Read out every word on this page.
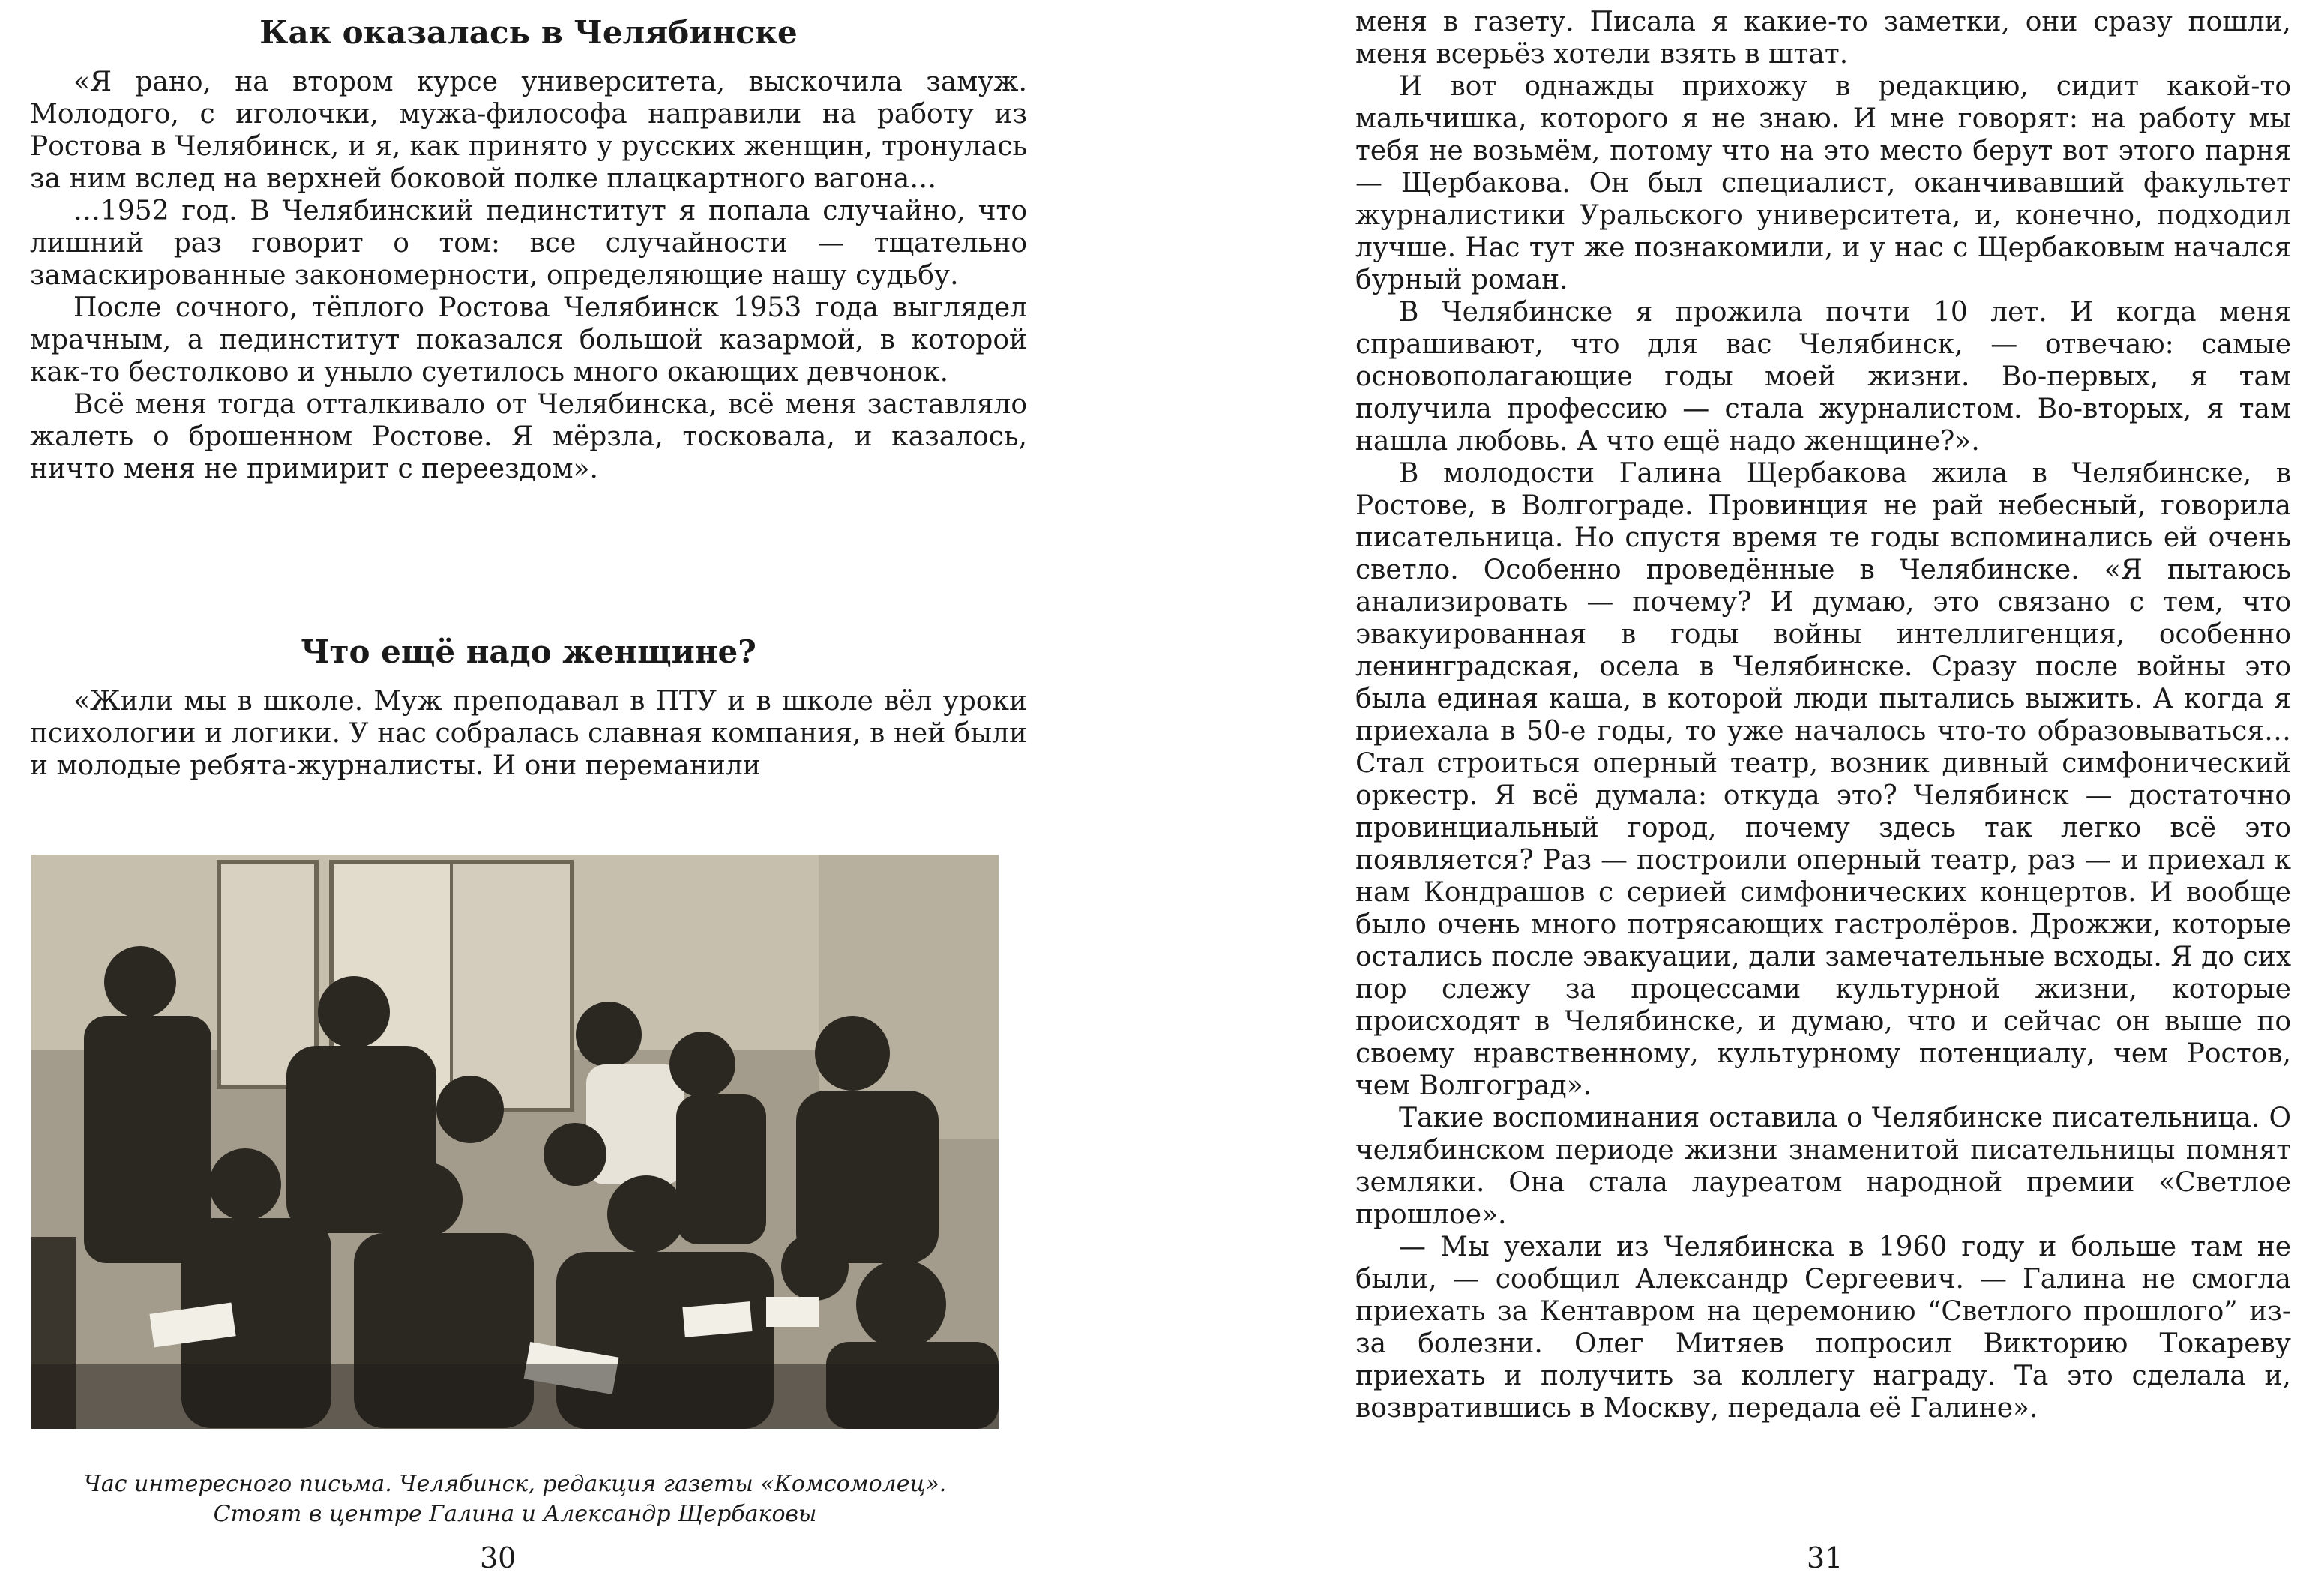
Как оказалась в Челябинске

«Я рано, на втором курсе университета, выскочила замуж. Молодого, с иголочки, мужа-философа направили на работу из Ростова в Челябинск, и я, как принято у русских женщин, тронулась за ним вслед на верхней боковой полке плацкартного вагона…

…1952 год. В Челябинский пединститут я попала случайно, что лишний раз говорит о том: все случайности — тщательно замаскированные закономерности, определяющие нашу судьбу.

После сочного, тёплого Ростова Челябинск 1953 года выглядел мрачным, а пединститут показался большой казармой, в которой как-то бестолково и уныло суетилось много окающих девчонок.

Всё меня тогда отталкивало от Челябинска, всё меня заставляло жалеть о брошенном Ростове. Я мёрзла, тосковала, и казалось, ничто меня не примирит с переездом».

Что ещё надо женщине?

«Жили мы в школе. Муж преподавал в ПТУ и в школе вёл уроки психологии и логики. У нас собралась славная компания, в ней были и молодые ребята-журналисты. И они переманили

Час интересного письма. Челябинск, редакция газеты «Комсомолец».
Стоят в центре Галина и Александр Щербаковы

30

меня в газету. Писала я какие-то заметки, они сразу пошли, меня всерьёз хотели взять в штат.

И вот однажды прихожу в редакцию, сидит какой-то мальчишка, которого я не знаю. И мне говорят: на работу мы тебя не возьмём, потому что на это место берут вот этого парня — Щербакова. Он был специалист, оканчивавший факультет журналистики Уральского университета, и, конечно, подходил лучше. Нас тут же познакомили, и у нас с Щербаковым начался бурный роман.

В Челябинске я прожила почти 10 лет. И когда меня спрашивают, что для вас Челябинск, — отвечаю: самые основополагающие годы моей жизни. Во-первых, я там получила профессию — стала журналистом. Во-вторых, я там нашла любовь. А что ещё надо женщине?».

В молодости Галина Щербакова жила в Челябинске, в Ростове, в Волгограде. Провинция не рай небесный, говорила писательница. Но спустя время те годы вспоминались ей очень светло. Особенно проведённые в Челябинске. «Я пытаюсь анализировать — почему? И думаю, это связано с тем, что эвакуированная в годы войны интеллигенция, особенно ленинградская, осела в Челябинске. Сразу после войны это была единая каша, в которой люди пытались выжить. А когда я приехала в 50-е годы, то уже началось что-то образовываться… Стал строиться оперный театр, возник дивный симфонический оркестр. Я всё думала: откуда это? Челябинск — достаточно провинциальный город, почему здесь так легко всё это появляется? Раз — построили оперный театр, раз — и приехал к нам Кондрашов с серией симфонических концертов. И вообще было очень много потрясающих гастролёров. Дрожжи, которые остались после эвакуации, дали замечательные всходы. Я до сих пор слежу за процессами культурной жизни, которые происходят в Челябинске, и думаю, что и сейчас он выше по своему нравственному, культурному потенциалу, чем Ростов, чем Волгоград».

Такие воспоминания оставила о Челябинске писательница. О челябинском периоде жизни знаменитой писательницы помнят земляки. Она стала лауреатом народной премии «Светлое прошлое».

— Мы уехали из Челябинска в 1960 году и больше там не были, — сообщил Александр Сергеевич. — Галина не смогла приехать за Кентавром на церемонию “Светлого прошлого” из-за болезни. Олег Митяев попросил Викторию Токареву приехать и получить за коллегу награду. Та это сделала и, возвратившись в Москву, передала её Галине».

31
